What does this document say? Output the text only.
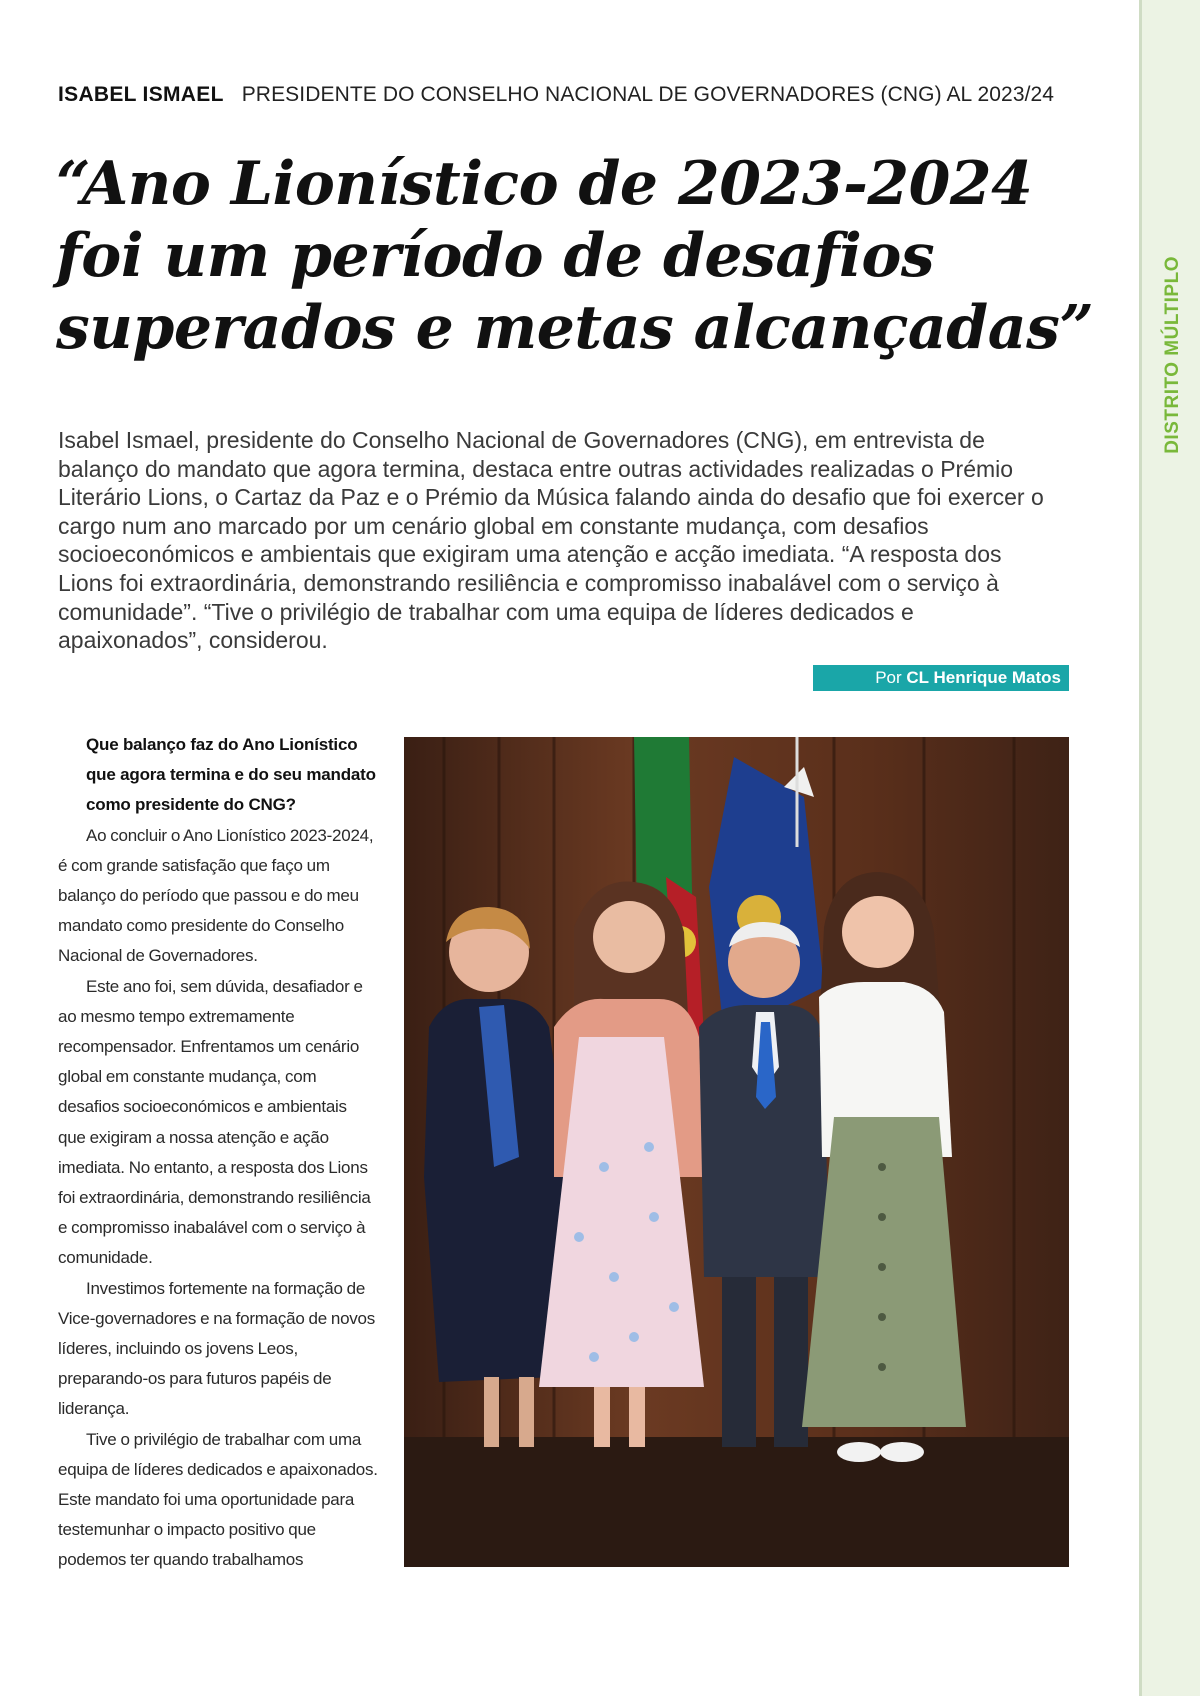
DISTRITO MÚLTIPLO
ISABEL ISMAEL PRESIDENTE DO CONSELHO NACIONAL DE GOVERNADORES (CNG) AL 2023/24
“Ano Lionístico de 2023-2024
foi um período de desafios
superados e metas alcançadas”

Isabel Ismael, presidente do Conselho Nacional de Governadores (CNG), em entrevista de balanço do mandato que agora termina, destaca entre outras actividades realizadas o Prémio Literário Lions, o Cartaz da Paz e o Prémio da Música falando ainda do desafio que foi exercer o cargo num ano marcado por um cenário global em constante mudança, com desafios socioeconómicos e ambientais que exigiram uma atenção e acção imediata. “A resposta dos Lions foi extraordinária, demonstrando resiliência e compromisso inabalável com o serviço à comunidade”. “Tive o privilégio de trabalhar com uma equipa de líderes dedicados e apaixonados”, considerou.

Por CL Henrique Matos

Que balanço faz do Ano Lionístico que agora termina e do seu mandato como presidente do CNG?

Ao concluir o Ano Lionístico 2023-2024, é com grande satisfação que faço um balanço do período que passou e do meu mandato como presidente do Conselho Nacional de Governadores.

Este ano foi, sem dúvida, desafiador e ao mesmo tempo extremamente recompensador. Enfrentamos um cenário global em constante mudança, com desafios socioeconómicos e ambientais que exigiram a nossa atenção e ação imediata. No entanto, a resposta dos Lions foi extraordinária, demonstrando resiliência e compromisso inabalável com o serviço à comunidade.

Investimos fortemente na formação de Vice-governadores e na formação de novos líderes, incluindo os jovens Leos, preparando-os para futuros papéis de liderança.

Tive o privilégio de trabalhar com uma equipa de líderes dedicados e apaixonados. Este mandato foi uma oportunidade para testemunhar o impacto positivo que podemos ter quando trabalhamos
